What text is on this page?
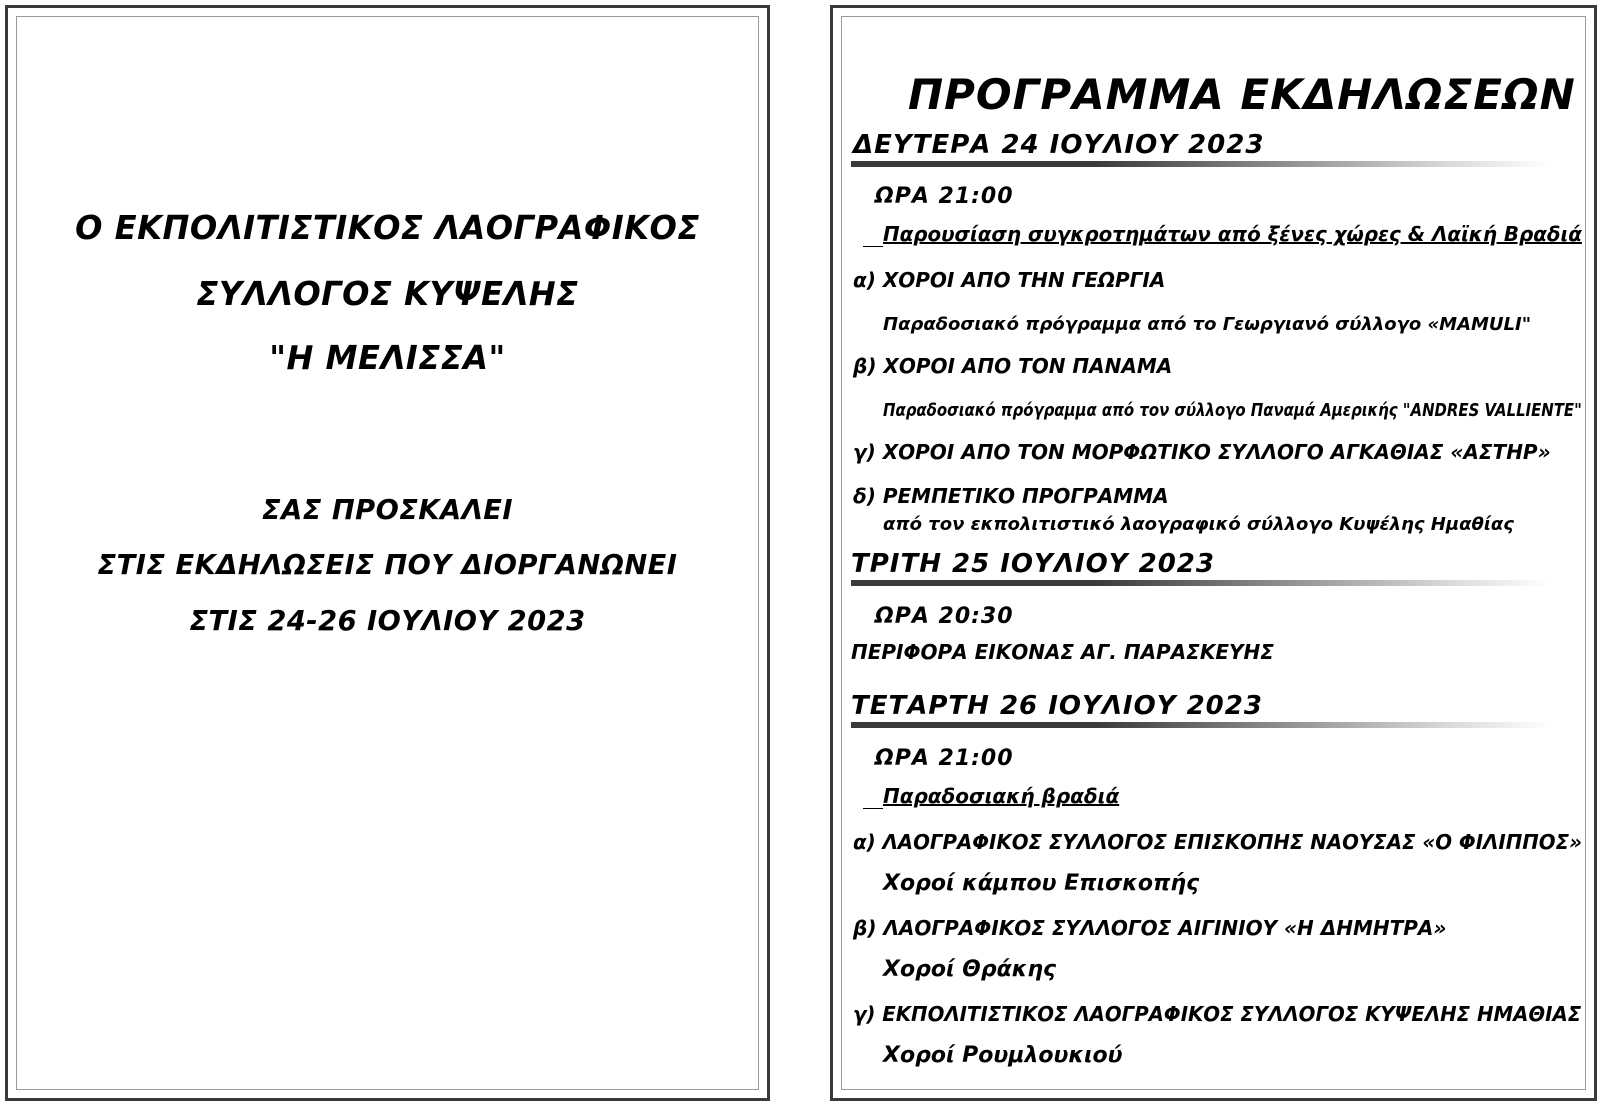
Ο ΕΚΠΟΛΙΤΙΣΤΙΚΟΣ ΛΑΟΓΡΑΦΙΚΟΣ
ΣΥΛΛΟΓΟΣ ΚΥΨΕΛΗΣ
"Η ΜΕΛΙΣΣΑ"
ΣΑΣ ΠΡΟΣΚΑΛΕΙ
ΣΤΙΣ ΕΚΔΗΛΩΣΕΙΣ ΠΟΥ ΔΙΟΡΓΑΝΩΝΕΙ
ΣΤΙΣ 24-26 ΙΟΥΛΙΟΥ 2023
ΠΡΟΓΡΑΜΜΑ ΕΚΔΗΛΩΣΕΩΝ
ΔΕΥΤΕΡΑ 24 ΙΟΥΛΙΟΥ 2023
ΩΡΑ 21:00
Παρουσίαση συγκροτημάτων από ξένες χώρες & Λαϊκή Βραδιά
α) ΧΟΡΟΙ ΑΠΟ ΤΗΝ ΓΕΩΡΓΙΑ
Παραδοσιακό πρόγραμμα από το Γεωργιανό σύλλογο «MAMULI"
β) ΧΟΡΟΙ ΑΠΟ ΤΟΝ ΠΑΝΑΜΑ
Παραδοσιακό πρόγραμμα από τον σύλλογο Παναμά Αμερικής "ANDRES VALLIENTE"
γ) ΧΟΡΟΙ ΑΠΟ ΤΟΝ ΜΟΡΦΩΤΙΚΟ ΣΥΛΛΟΓΟ ΑΓΚΑΘΙΑΣ «ΑΣΤΗΡ»
δ) ΡΕΜΠΕΤΙΚΟ ΠΡΟΓΡΑΜΜΑ
από τον εκπολιτιστικό λαογραφικό σύλλογο Κυψέλης Ημαθίας
ΤΡΙΤΗ 25 ΙΟΥΛΙΟΥ 2023
ΩΡΑ 20:30
ΠΕΡΙΦΟΡΑ ΕΙΚΟΝΑΣ ΑΓ. ΠΑΡΑΣΚΕΥΗΣ
ΤΕΤΑΡΤΗ 26 ΙΟΥΛΙΟΥ 2023
ΩΡΑ 21:00
Παραδοσιακή βραδιά
α) ΛΑΟΓΡΑΦΙΚΟΣ ΣΥΛΛΟΓΟΣ ΕΠΙΣΚΟΠΗΣ ΝΑΟΥΣΑΣ «Ο ΦΙΛΙΠΠΟΣ»
Χοροί κάμπου Επισκοπής
β) ΛΑΟΓΡΑΦΙΚΟΣ ΣΥΛΛΟΓΟΣ ΑΙΓΙΝΙΟΥ «Η ΔΗΜΗΤΡΑ»
Χοροί Θράκης
γ) ΕΚΠΟΛΙΤΙΣΤΙΚΟΣ ΛΑΟΓΡΑΦΙΚΟΣ ΣΥΛΛΟΓΟΣ ΚΥΨΕΛΗΣ ΗΜΑΘΙΑΣ
Χοροί Ρουμλουκιού
